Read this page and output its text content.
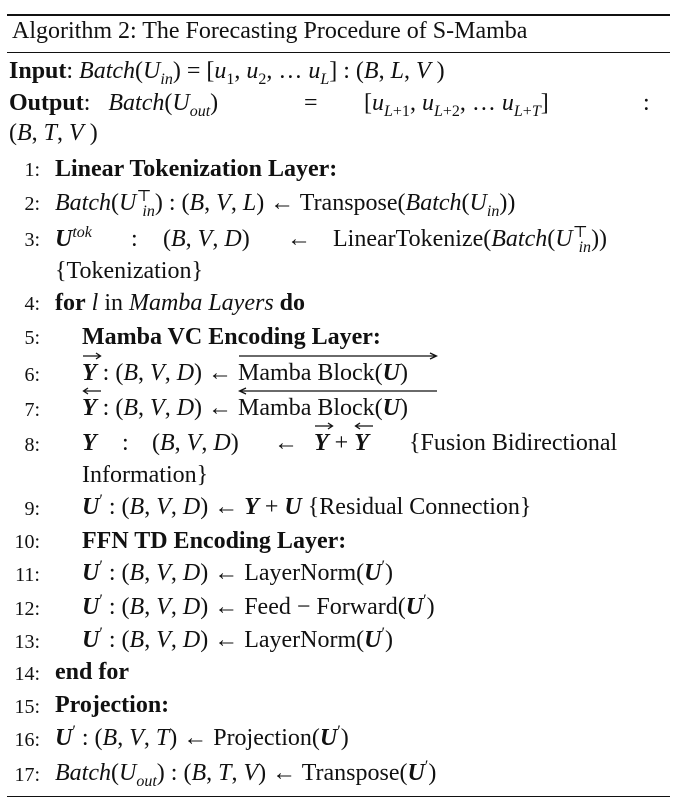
Algorithm 2: The Forecasting Procedure of S-Mamba
Input: $Batch(U_{in}) = [u_1$, $u_2$, … $u_L$] : (B, L, V )
Output:   $Batch(U_{out})$	= [$u_{L+1}$, $u_{L+2}$, … $u_{L+T}$]	:
(B, T, V )
1: Linear Tokenization Layer:
2: $Batch(U^⊤_{in})$ : (B, V, L) ← $Transpose(Batch(U_{in}))$
3: $U^{tok}$ : (B, V, D) ← $LinearTokenize(Batch(U^⊤_{in}))$
{Tokenization}
4: for l in Mamba Layers do
5: Mamba VC Encoding Layer:
6: Y
: (B, V, D) ← Mamba Block(U
)
7: Y
: (B, V, D) ← Mamba Block(U
)
8: Y : (B, V, D) ← Y
+ Y {Fusion Bidirectional
Information}
9: U′ : (B, V, D) ← Y + U {Residual Connection}
10: FFN TD Encoding Layer:
11: U′ : (B, V, D) ← LayerNorm(U′)
12: U′ : (B, V, D) ← Feed − Forward(U′)
13: U′ : (B, V, D) ← LayerNorm(U′)
14: end for
15: Projection:
16: U′ : (B, V, T) ← Projection(U′)
17: $Batch(U_{out})$ : (B, T, V) ← Transpose(U′)
